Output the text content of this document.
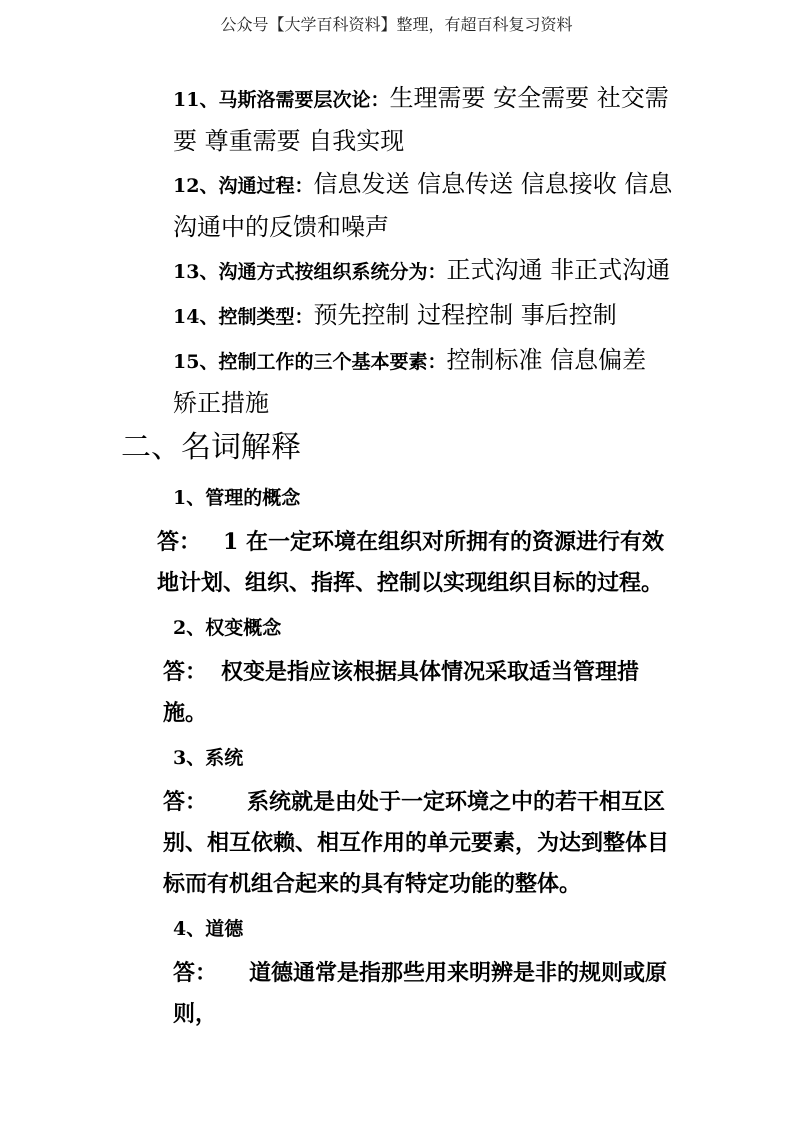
公众号【大学百科资料】整理，有超百科复习资料

11、马斯洛需要层次论：生理需要 安全需要 社交需要 尊重需要 自我实现

12、沟通过程：信息发送 信息传送 信息接收 信息沟通中的反馈和噪声

13、沟通方式按组织系统分为：正式沟通 非正式沟通

14、控制类型：预先控制 过程控制 事后控制

15、控制工作的三个基本要素：控制标准 信息偏差 矫正措施

二、名词解释
1、管理的概念

答： 1 在一定环境在组织对所拥有的资源进行有效地计划、组织、指挥、控制以实现组织目标的过程。

2、权变概念

答： 权变是指应该根据具体情况采取适当管理措施。

3、系统

答： 系统就是由处于一定环境之中的若干相互区别、相互依赖、相互作用的单元要素，为达到整体目标而有机组合起来的具有特定功能的整体。

4、道德

答： 道德通常是指那些用来明辨是非的规则或原则，
